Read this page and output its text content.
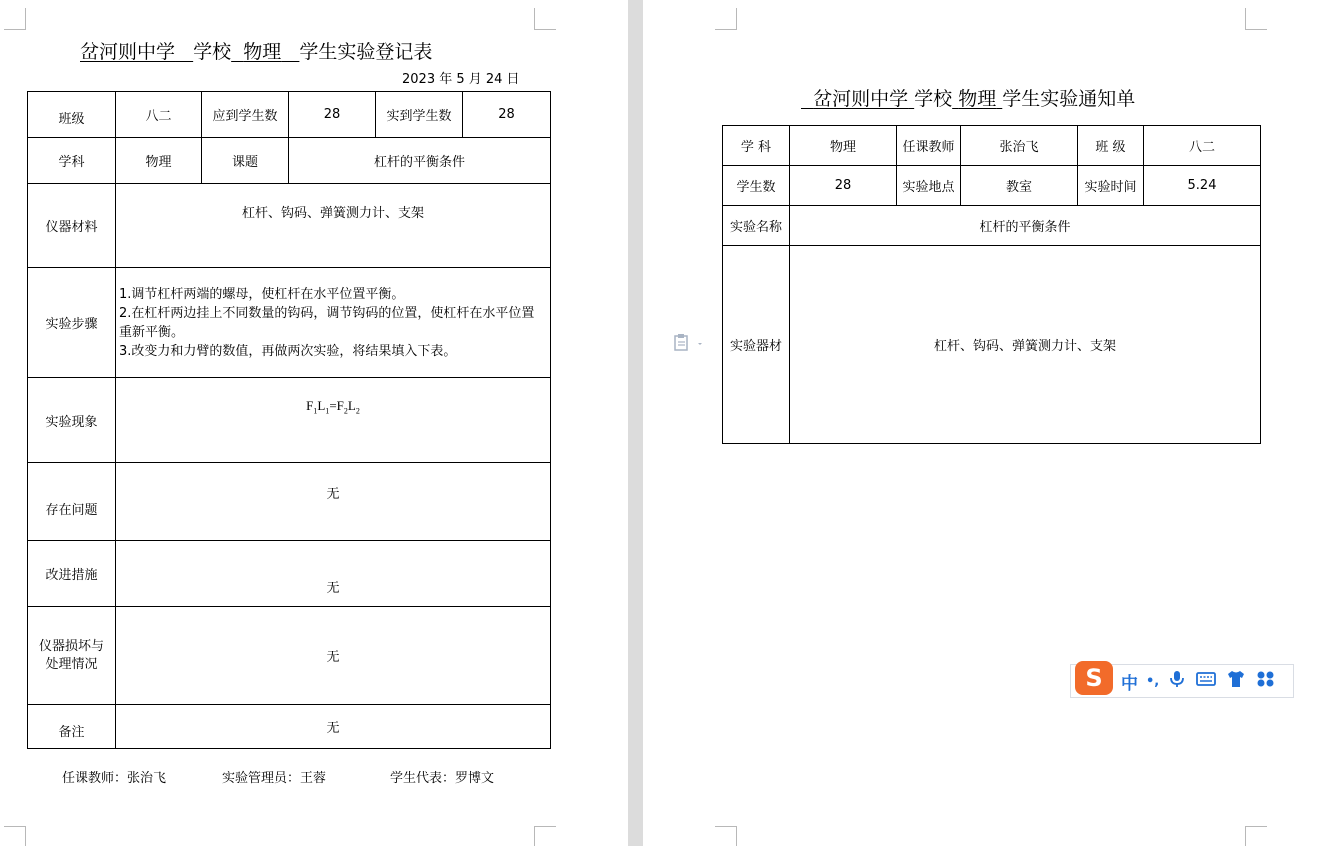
岔河则中学 学校 物理 学生实验登记表
2023 年 5 月 24 日
班级	八二	应到学生数	28	实到学生数	28
学科	物理	课题	杠杆的平衡条件		
仪器材料	杠杆、钩码、弹簧测力计、支架				
实验步骤	1.调节杠杆两端的螺母，使杠杆在水平位置平衡。
2.在杠杆两边挂上不同数量的钩码，调节钩码的位置，使杠杆在水平位置重新平衡。
3.改变力和力臂的数值，再做两次实验，将结果填入下表。				

实验现象	$F_1L_1=F_2L_2$
存在问题	无				
改进措施	无				

仪器损坏与
处理情况	无				
备注	无				
任课教师：张治飞	实验管理员：王蓉	学生代表：罗博文
岔河则中学 学校 物理 学生实验通知单
学 科	物理	任课教师	张治飞	班 级	八二
学生数	28	实验地点	教室	实验时间	5.24
实验名称	杠杆的平衡条件				
实验器材	杠杆、钩码、弹簧测力计、支架				
S	中 •,
